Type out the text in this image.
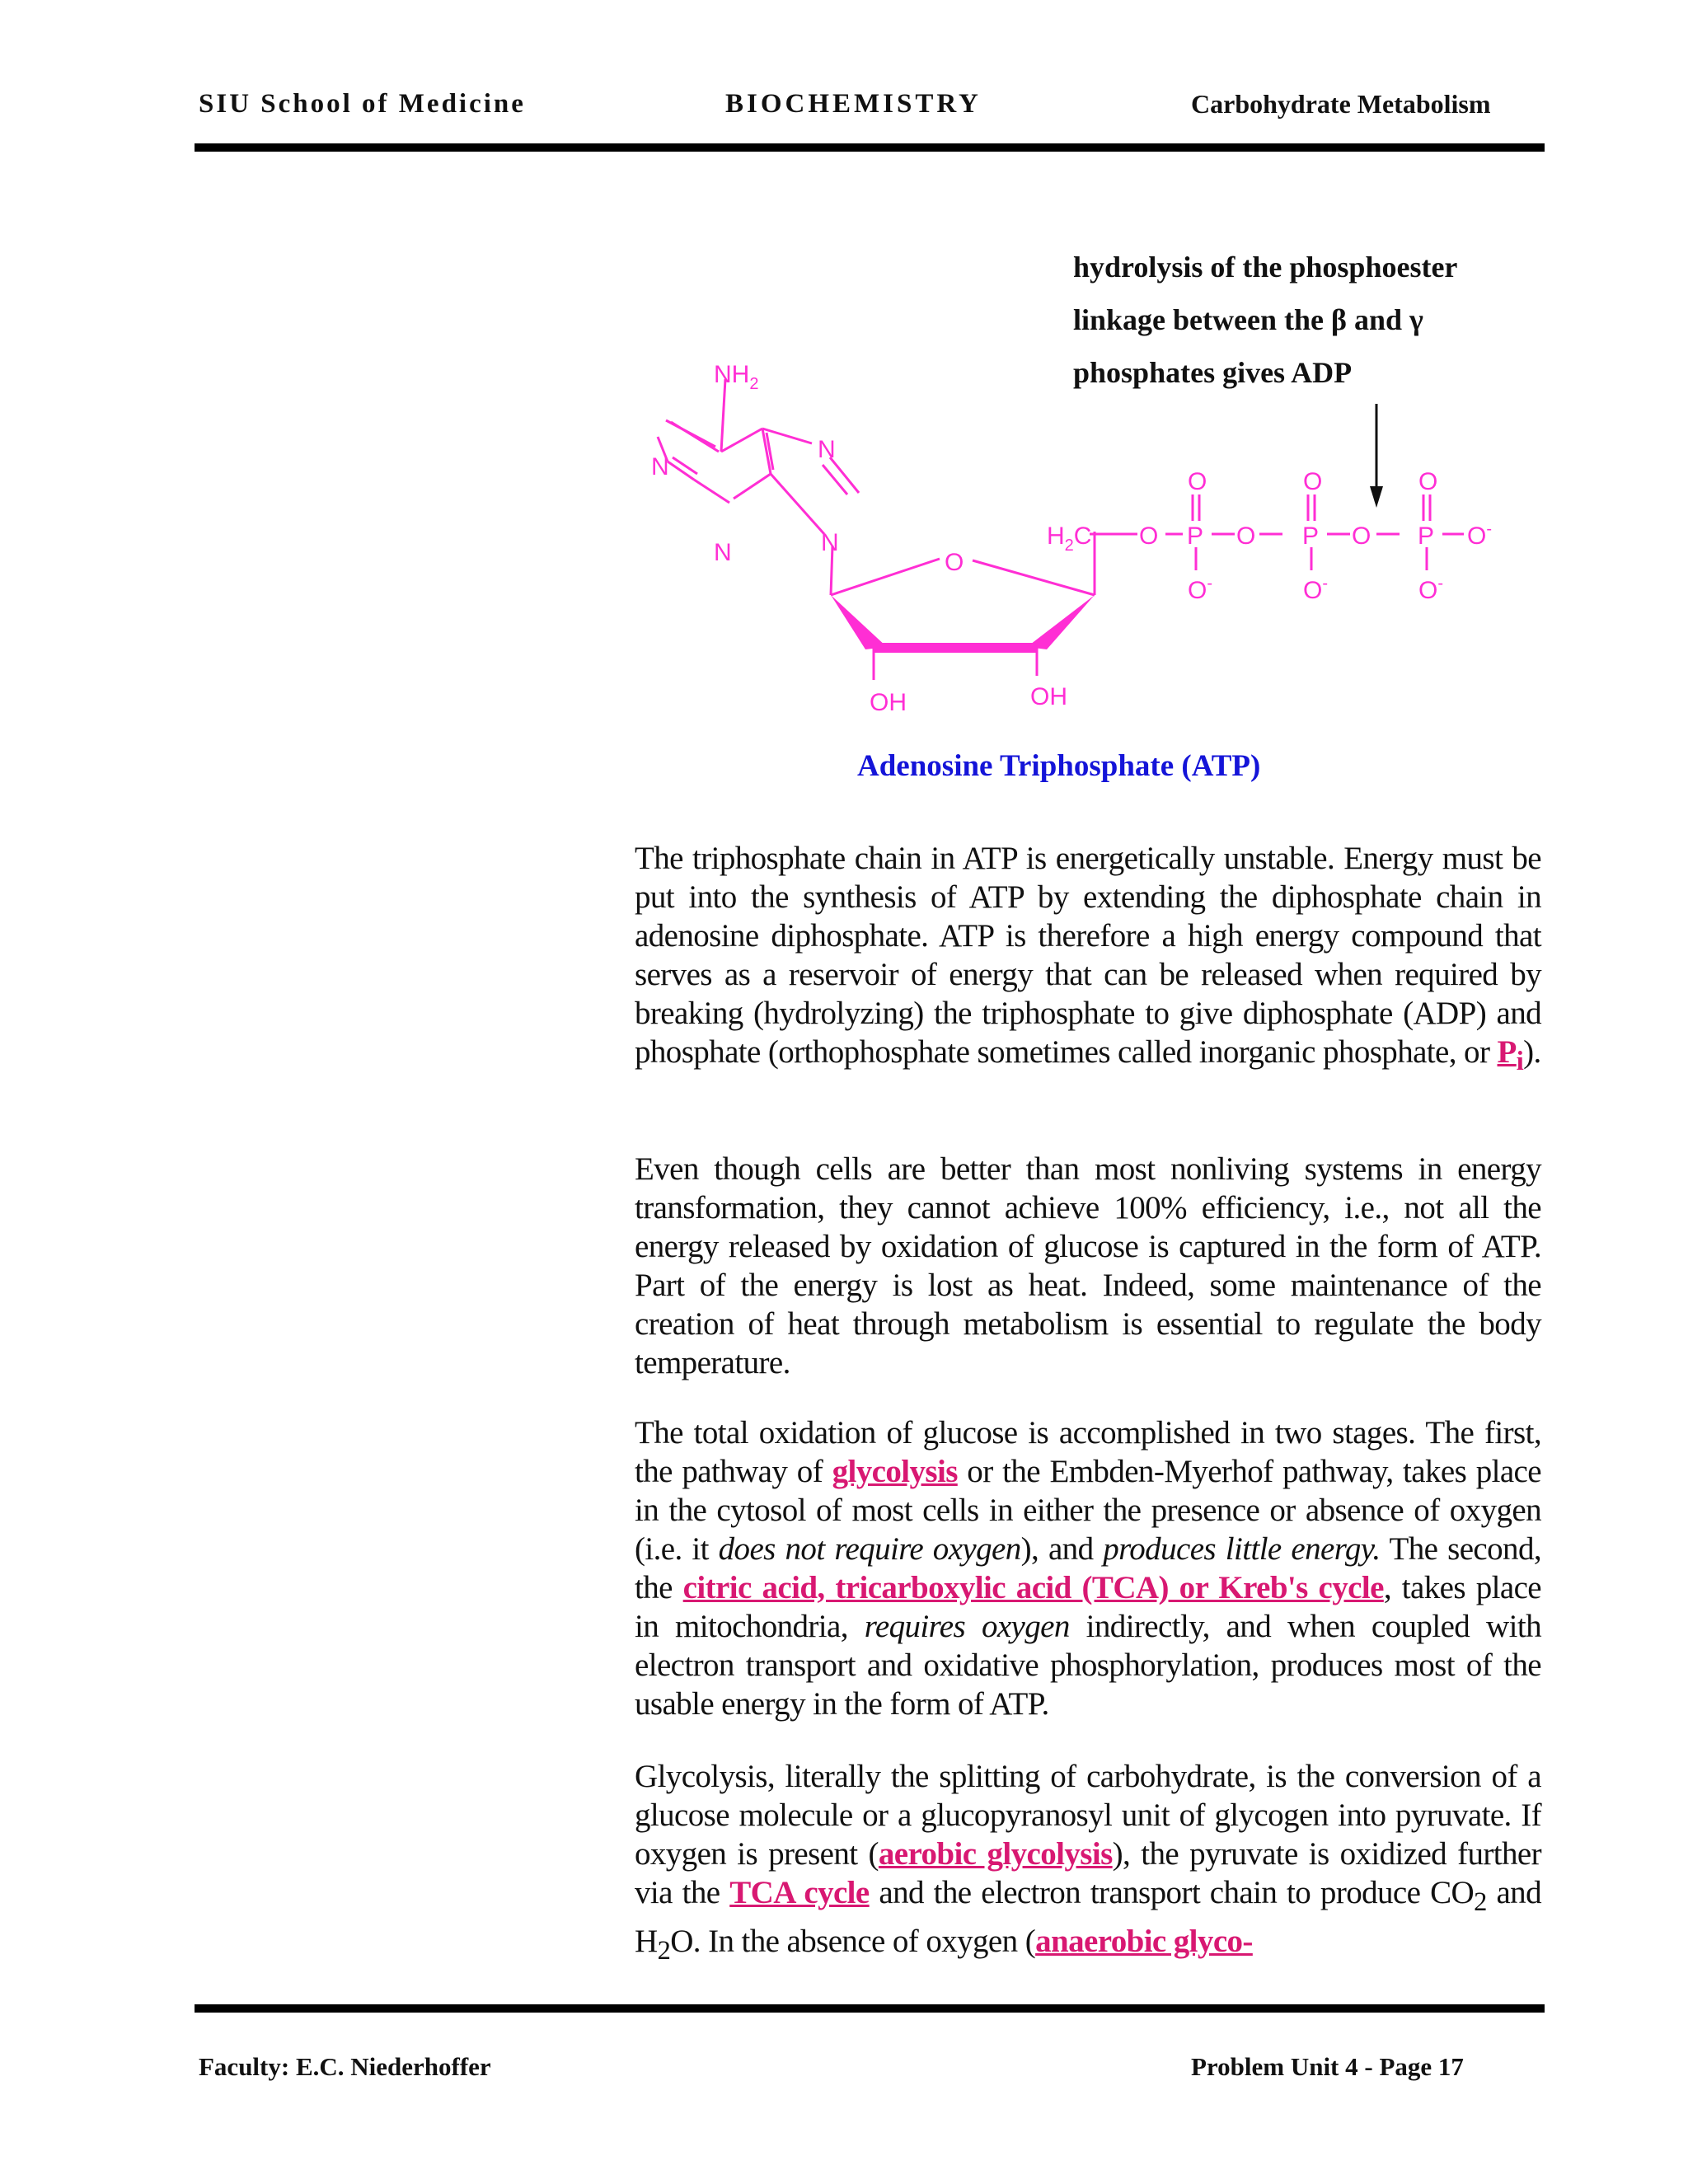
SIU School of Medicine	BIOCHEMISTRY	Carbohydrate Metabolism
hydrolysis of the phosphoester
linkage between the β and γ
phosphates gives ADP
$NH_2$
N
N
N
N
O
OH	OH
$H_2C$ O P O P O P O-
O	O	O
O-	O-	O-
Adenosine Triphosphate (ATP)
The triphosphate chain in ATP is energetically unstable. Energy must be put into the synthesis of ATP by extending the diphosphate chain in adenosine diphosphate. ATP is therefore a high energy compound that serves as a reservoir of energy that can be released when required by breaking (hydrolyzing) the triphosphate to give diphosphate (ADP) and phosphate (orthophosphate sometimes called inorganic phosphate, or $P_i$).
Even though cells are better than most nonliving systems in energy transformation, they cannot achieve 100% efficiency, i.e., not all the energy released by oxidation of glucose is captured in the form of ATP. Part of the energy is lost as heat. Indeed, some maintenance of the creation of heat through metabolism is essential to regulate the body temperature.
The total oxidation of glucose is accomplished in two stages. The first, the pathway of glycolysis or the Embden-Myerhof pathway, takes place in the cytosol of most cells in either the presence or absence of oxygen (i.e. it does not require oxygen), and produces little energy. The second, the citric acid, tricarboxylic acid (TCA) or Kreb's cycle, takes place in mitochondria, requires oxygen indirectly, and when coupled with electron transport and oxidative phosphorylation, produces most of the usable energy in the form of ATP.
Glycolysis, literally the splitting of carbohydrate, is the conversion of a glucose molecule or a glucopyranosyl unit of glycogen into pyruvate. If oxygen is present (aerobic glycolysis), the pyruvate is oxidized further via the TCA cycle and the electron transport chain to produce $CO_2$ and $H_2O$. In the absence of oxygen (anaerobic glyco-
Faculty: E.C. Niederhoffer	Problem Unit 4 - Page 17
